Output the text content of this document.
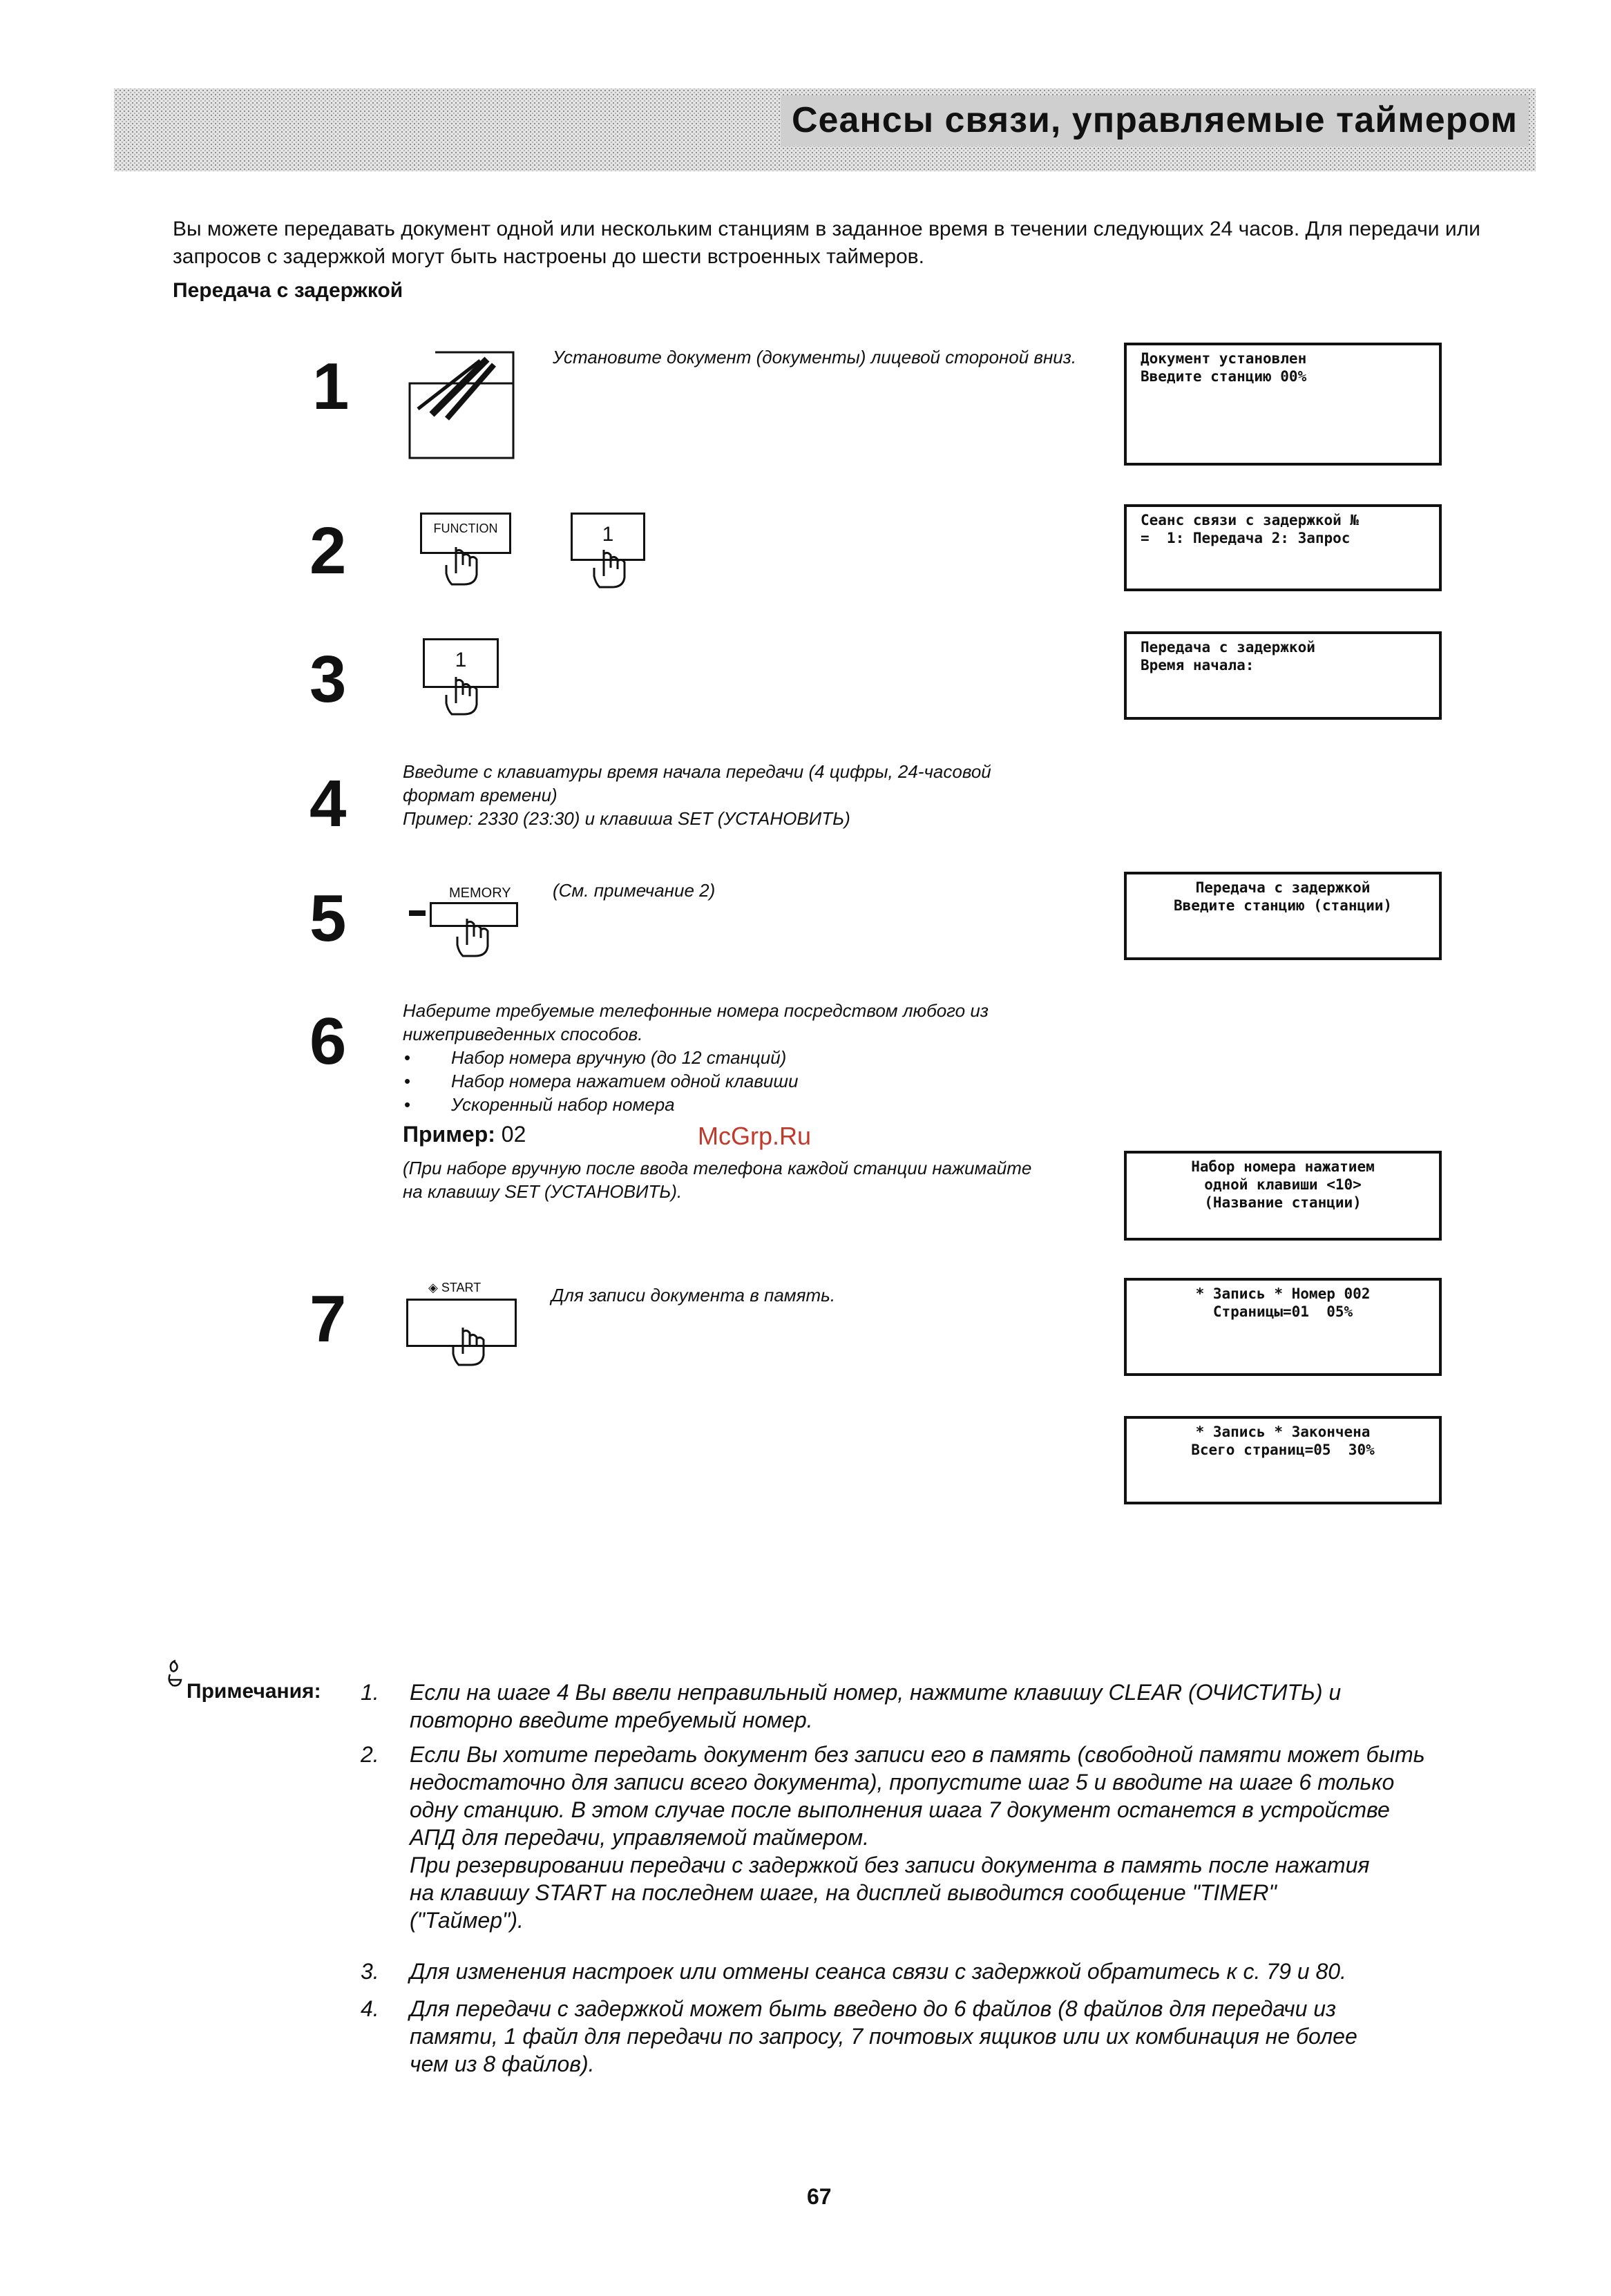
Сеансы связи, управляемые таймером
Вы можете передавать документ одной или нескольким станциям в заданное время в течении следующих 24 часов. Для передачи или запросов с задержкой могут быть настроены до шести встроенных таймеров.
Передача с задержкой
1	Установите документ (документы) лицевой стороной вниз.	Документ установлен
Введите станцию 00%
2	FUNCTION	1
Сеанс связи с задержкой №
=  1: Передача 2: Запрос
3	1
Передача с задержкой
Время начала:
4	Введите с клавиатуры время начала передачи (4 цифры, 24-часовой
формат времени)
Пример: 2330 (23:30) и клавиша SET (УСТАНОВИТЬ)
5	MEMORY (См. примечание 2)	Передача с задержкой
Введите станцию (станции)
6	Наберите требуемые телефонные номера посредством любого из
нижеприведенных способов.
• Набор номера вручную (до 12 станций)
• Набор номера нажатием одной клавиши
• Ускоренный набор номера
Пример: 02	McGrp.Ru
(При наборе вручную после ввода телефона каждой станции нажимайте
на клавишу SET (УСТАНОВИТЬ).
Набор номера нажатием
одной клавиши <10>
(Название станции)
7	◈ START	Для записи документа в память.	* Запись * Номер 002
Страницы=01  05%
* Запись * Закончена
Всего страниц=05  30%
Примечания: 1. Если на шаге 4 Вы ввели неправильный номер, нажмите клавишу CLEAR (ОЧИСТИТЬ) и
повторно введите требуемый номер.
2. Если Вы хотите передать документ без записи его в память (свободной памяти может быть
недостаточно для записи всего документа), пропустите шаг 5 и вводите на шаге 6 только
одну станцию. В этом случае после выполнения шага 7 документ останется в устройстве
АПД для передачи, управляемой таймером.
При резервировании передачи с задержкой без записи документа в память после нажатия
на клавишу START на последнем шаге, на дисплей выводится сообщение "TIMER"
("Таймер").
3. Для изменения настроек или отмены сеанса связи с задержкой обратитесь к с. 79 и 80.
4. Для передачи с задержкой может быть введено до 6 файлов (8 файлов для передачи из
памяти, 1 файл для передачи по запросу, 7 почтовых ящиков или их комбинация не более
чем из 8 файлов).
67
